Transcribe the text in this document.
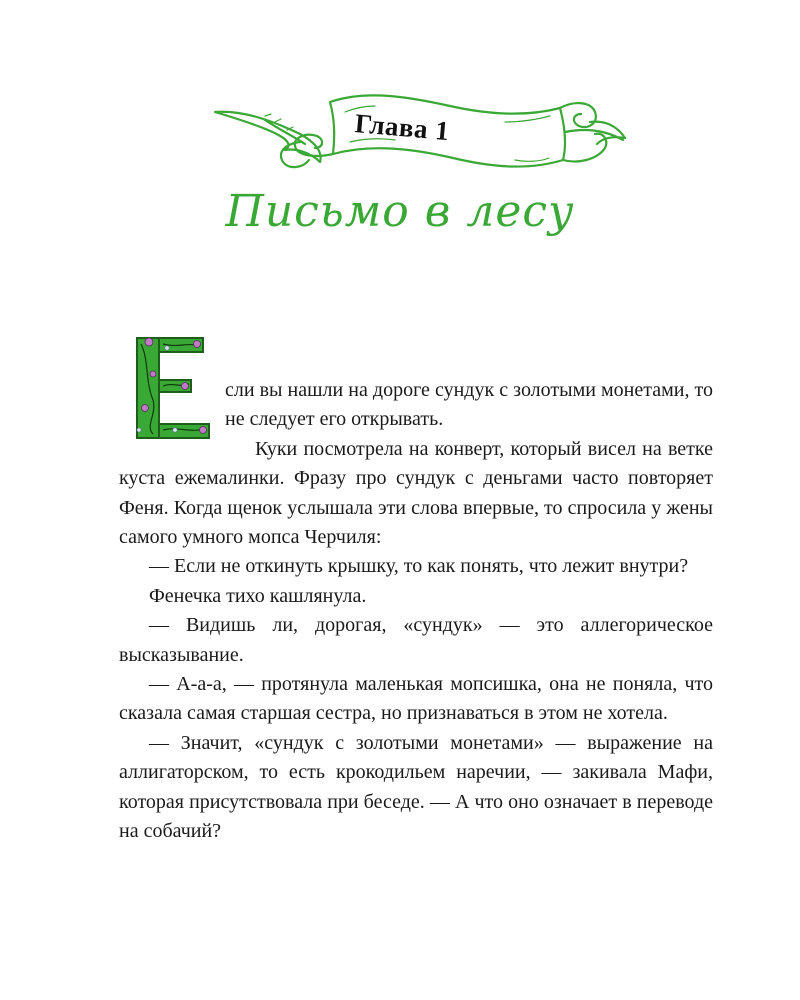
Глава 1
Письмо в лесу

сли вы нашли на дороге сундук с золотыми монетами, то не следует его открывать.

Куки посмотрела на конверт, который висел на ветке куста ежемалинки. Фразу про сундук с деньгами часто повторяет Феня. Когда щенок услышала эти слова впервые, то спросила у жены самого умного мопса Черчиля:

— Если не откинуть крышку, то как понять, что лежит внутри?

Фенечка тихо кашлянула.

— Видишь ли, дорогая, «сундук» — это аллегорическое высказывание.

— А-а-а, — протянула маленькая мопсишка, она не поняла, что сказала самая старшая сестра, но признаваться в этом не хотела.

— Значит, «сундук с золотыми монетами» — выражение на аллигаторском, то есть крокодильем наречии, — закивала Мафи, которая присутствовала при беседе. — А что оно означает в переводе на собачий?
